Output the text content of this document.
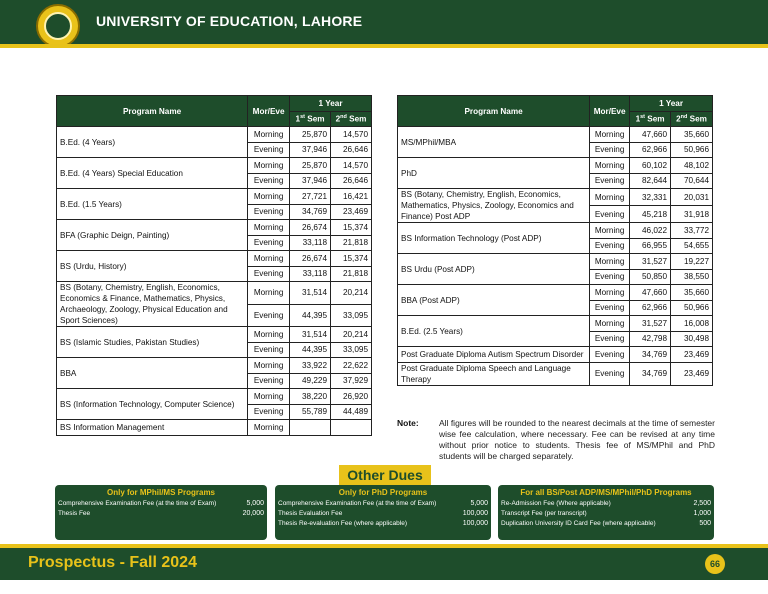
UNIVERSITY OF EDUCATION, LAHORE
Program Name	Mor/Eve	1 Year	
		1st Sem	2nd Sem
B.Ed. (4 Years)	Morning	25,870	14,570
	Evening	37,946	26,646
B.Ed. (4 Years) Special Education	Morning	25,870	14,570
	Evening	37,946	26,646
B.Ed. (1.5 Years)	Morning	27,721	16,421
	Evening	34,769	23,469
BFA (Graphic Deign, Painting)	Morning	26,674	15,374
	Evening	33,118	21,818
BS (Urdu, History)	Morning	26,674	15,374
	Evening	33,118	21,818
BS (Botany, Chemistry, English, Economics, Economics & Finance, Mathematics, Physics, Archaeology, Zoology, Physical Education and Sport Sciences)	Morning	31,514	20,214
	Evening	44,395	33,095
BS (Islamic Studies, Pakistan Studies)	Morning	31,514	20,214
	Evening	44,395	33,095
BBA	Morning	33,922	22,622
	Evening	49,229	37,929
BS (Information Technology, Computer Science)	Morning	38,220	26,920
	Evening	55,789	44,489
BS Information Management	Morning		
Program Name	Mor/Eve	1 Year	
		1st Sem	2nd Sem
MS/MPhil/MBA	Morning	47,660	35,660
	Evening	62,966	50,966
PhD	Morning	60,102	48,102
	Evening	82,644	70,644
BS (Botany, Chemistry, English, Economics, Mathematics, Physics, Zoology, Economics and Finance) Post ADP	Morning	32,331	20,031
	Evening	45,218	31,918
BS Information Technology (Post ADP)	Morning	46,022	33,772
	Evening	66,955	54,655
BS Urdu (Post ADP)	Morning	31,527	19,227
	Evening	50,850	38,550
BBA (Post ADP)	Morning	47,660	35,660
	Evening	62,966	50,966
B.Ed. (2.5 Years)	Morning	31,527	16,008
	Evening	42,798	30,498
Post Graduate Diploma Autism Spectrum Disorder	Evening	34,769	23,469
Post Graduate Diploma Speech and Language Therapy	Evening	34,769	23,469
Note:	All figures will be rounded to the nearest decimals at the time of semester wise fee calculation, where necessary. Fee can be revised at any time without prior notice to students. Thesis fee of MS/MPhil and PhD students will be charged separately.
Other Dues
Only for MPhil/MS Programs
Comprehensive Examination Fee (at the time of Exam)	5,000
Thesis Fee	20,000
Only for PhD Programs
Comprehensive Examination Fee (at the time of Exam)	5,000
Thesis Evaluation Fee	100,000
Thesis Re-evaluation Fee (where applicable)	100,000
For all BS/Post ADP/MS/MPhil/PhD Programs
Re-Admission Fee (Where applicable)	2,500
Transcript Fee (per transcript)	1,000
Duplication University ID Card Fee (where applicable)	500
Prospectus - Fall 2024	66
